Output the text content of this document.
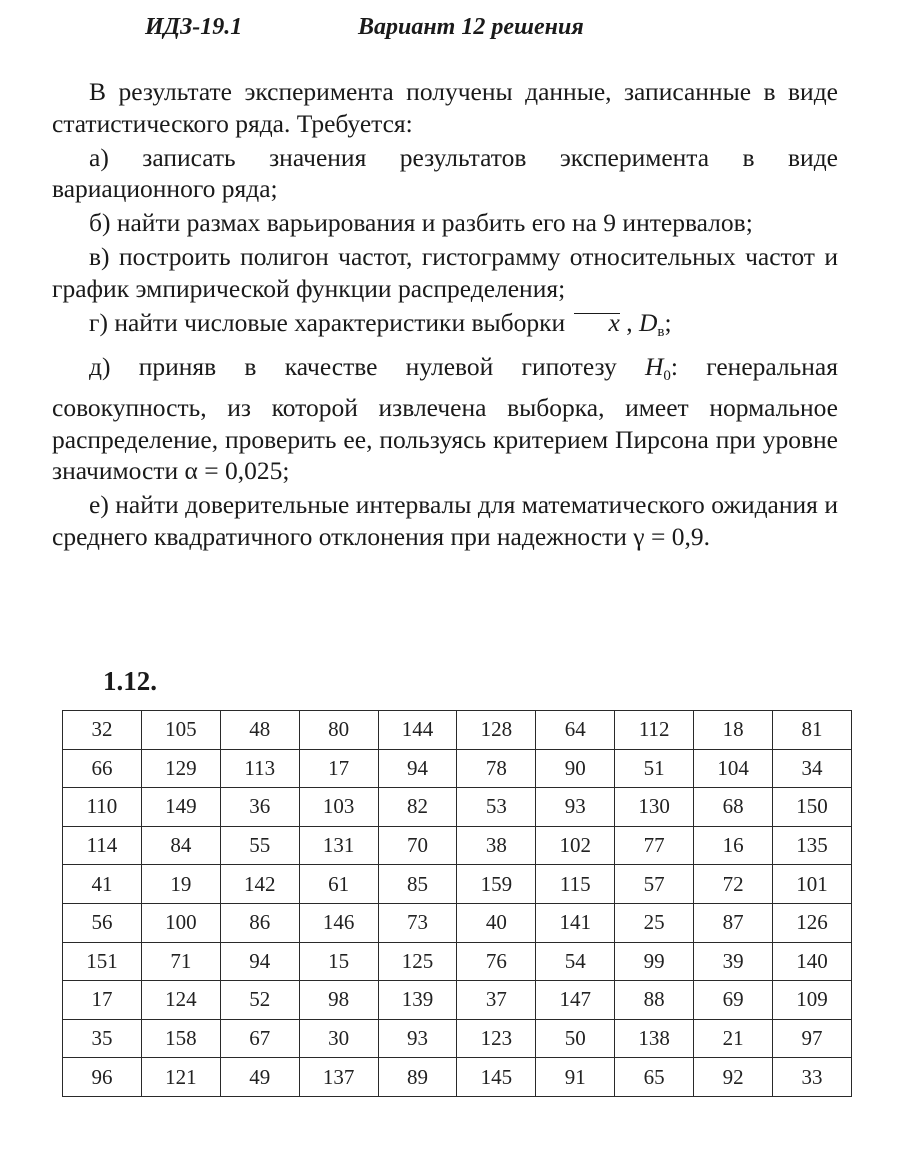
ИДЗ-19.1	Вариант 12 решения

В результате эксперимента получены данные, записанные в виде статистического ряда. Требуется:

а) записать значения результатов эксперимента в виде вариационного ряда;

б) найти размах варьирования и разбить его на 9 интервалов;

в) построить полигон частот, гистограмму относительных частот и график эмпирической функции распределения;

г) найти числовые характеристики выборки x , $D_в$;

д) приняв в качестве нулевой гипотезу $H_0$: генеральная совокупность, из которой извлечена выборка, имеет нормальное распределение, проверить ее, пользуясь критерием Пирсона при уровне значимости α = 0,025;

е) найти доверительные интервалы для математического ожидания и среднего квадратичного отклонения при надежности γ = 0,9.

1.12.
32	105	48	80	144	128	64	112	18	81
66	129	113	17	94	78	90	51	104	34
110	149	36	103	82	53	93	130	68	150
114	84	55	131	70	38	102	77	16	135
41	19	142	61	85	159	115	57	72	101
56	100	86	146	73	40	141	25	87	126
151	71	94	15	125	76	54	99	39	140
17	124	52	98	139	37	147	88	69	109
35	158	67	30	93	123	50	138	21	97
96	121	49	137	89	145	91	65	92	33
